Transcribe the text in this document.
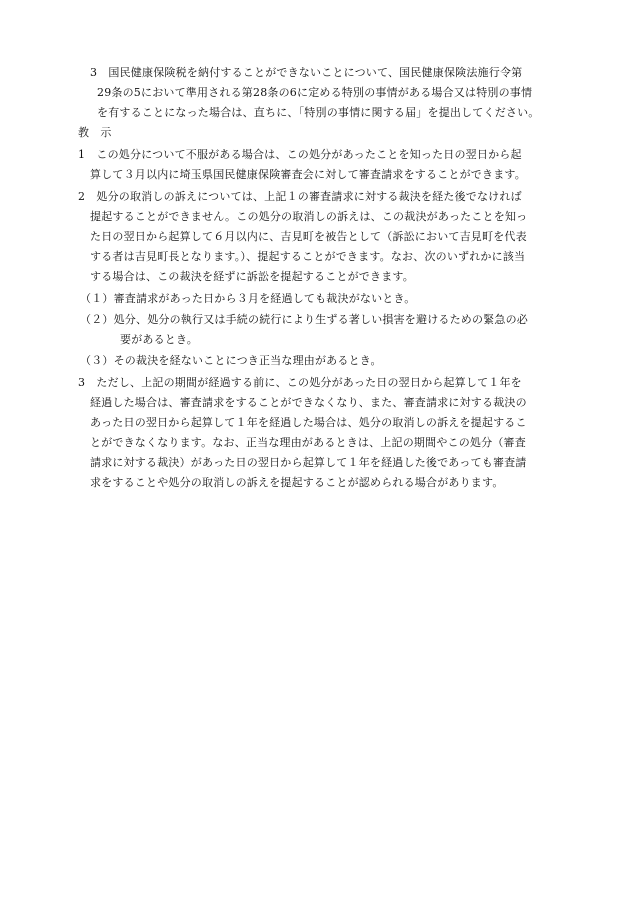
3　国民健康保険税を納付することができないことについて、国民健康保険法施行令第
29条の5において準用される第28条の6に定める特別の事情がある場合又は特別の事情
を有することになった場合は、直ちに、「特別の事情に関する届」を提出してください。
教　示
1　この処分について不服がある場合は、この処分があったことを知った日の翌日から起
算して３月以内に埼玉県国民健康保険審査会に対して審査請求をすることができます。
2　処分の取消しの訴えについては、上記１の審査請求に対する裁決を経た後でなければ
提起することができません。この処分の取消しの訴えは、この裁決があったことを知っ
た日の翌日から起算して６月以内に、吉見町を被告として（訴訟において吉見町を代表
する者は吉見町長となります。）、提起することができます。なお、次のいずれかに該当
する場合は、この裁決を経ずに訴訟を提起することができます。
（１）審査請求があった日から３月を経過しても裁決がないとき。
（２）処分、処分の執行又は手続の続行により生ずる著しい損害を避けるための緊急の必
要があるとき。
（３）その裁決を経ないことにつき正当な理由があるとき。
3　ただし、上記の期間が経過する前に、この処分があった日の翌日から起算して１年を
経過した場合は、審査請求をすることができなくなり、また、審査請求に対する裁決の
あった日の翌日から起算して１年を経過した場合は、処分の取消しの訴えを提起するこ
とができなくなります。なお、正当な理由があるときは、上記の期間やこの処分（審査
請求に対する裁決）があった日の翌日から起算して１年を経過した後であっても審査請
求をすることや処分の取消しの訴えを提起することが認められる場合があります。
